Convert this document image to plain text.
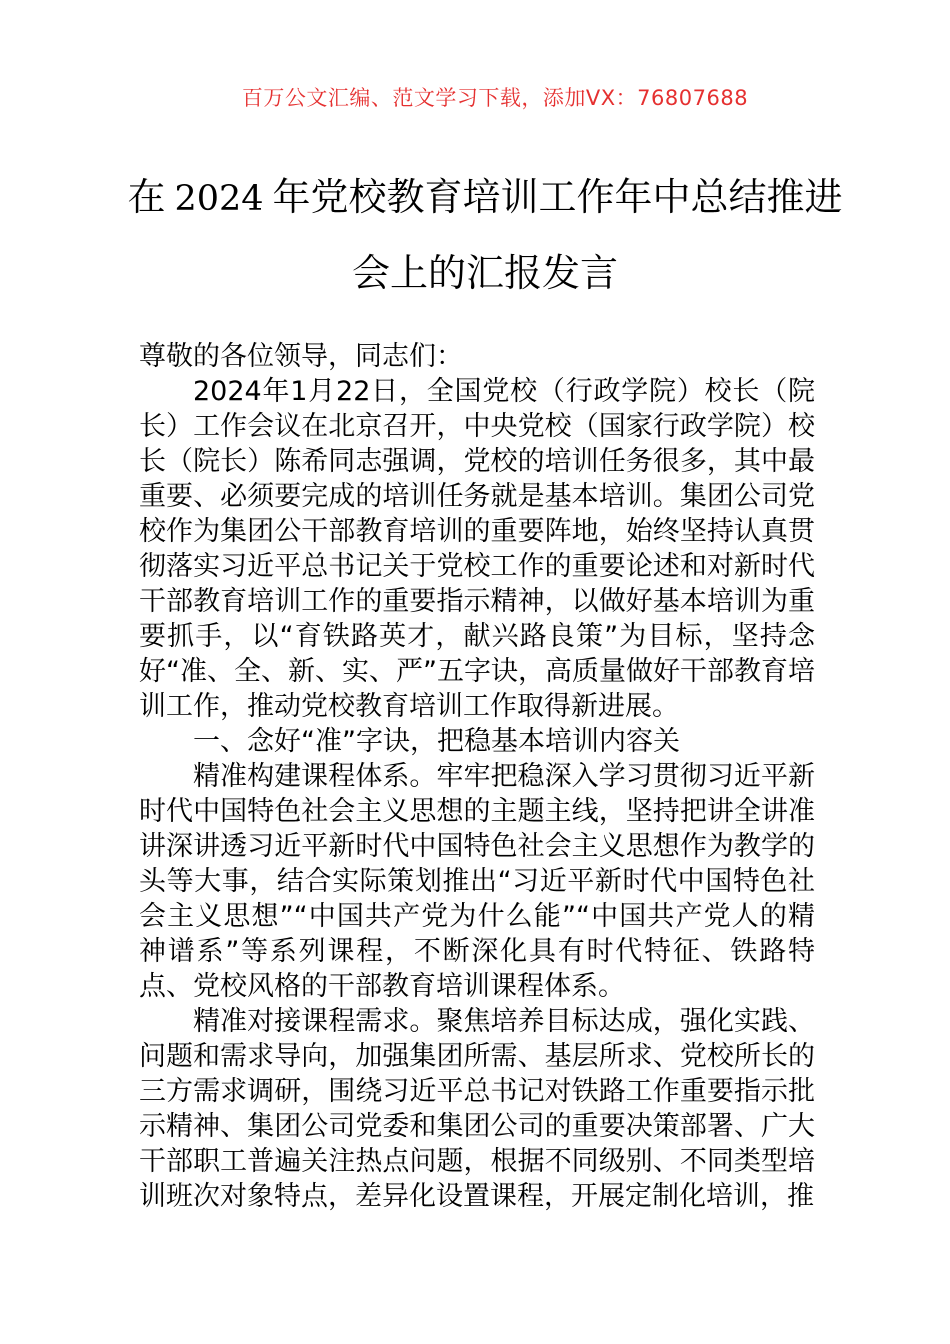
百万公文汇编、范文学习下载，添加VX：76807688
在 2024 年党校教育培训工作年中总结推进
会上的汇报发言

尊敬的各位领导，同志们：

2024年1月22日，全国党校（行政学院）校长（院长）工作会议在北京召开，中央党校（国家行政学院）校长（院长）陈希同志强调，党校的培训任务很多，其中最重要、必须要完成的培训任务就是基本培训。集团公司党校作为集团公干部教育培训的重要阵地，始终坚持认真贯彻落实习近平总书记关于党校工作的重要论述和对新时代干部教育培训工作的重要指示精神，以做好基本培训为重要抓手，以“育铁路英才，献兴路良策”为目标，坚持念好“准、全、新、实、严”五字诀，高质量做好干部教育培训工作，推动党校教育培训工作取得新进展。

一、念好“准”字诀，把稳基本培训内容关

精准构建课程体系。牢牢把稳深入学习贯彻习近平新时代中国特色社会主义思想的主题主线，坚持把讲全讲准讲深讲透习近平新时代中国特色社会主义思想作为教学的头等大事，结合实际策划推出“习近平新时代中国特色社会主义思想”“中国共产党为什么能”“中国共产党人的精神谱系”等系列课程，不断深化具有时代特征、铁路特点、党校风格的干部教育培训课程体系。

精准对接课程需求。聚焦培养目标达成，强化实践、问题和需求导向，加强集团所需、基层所求、党校所长的三方需求调研，围绕习近平总书记对铁路工作重要指示批示精神、集团公司党委和集团公司的重要决策部署、广大干部职工普遍关注热点问题，根据不同级别、不同类型培训班次对象特点，差异化设置课程，开展定制化培训，推
